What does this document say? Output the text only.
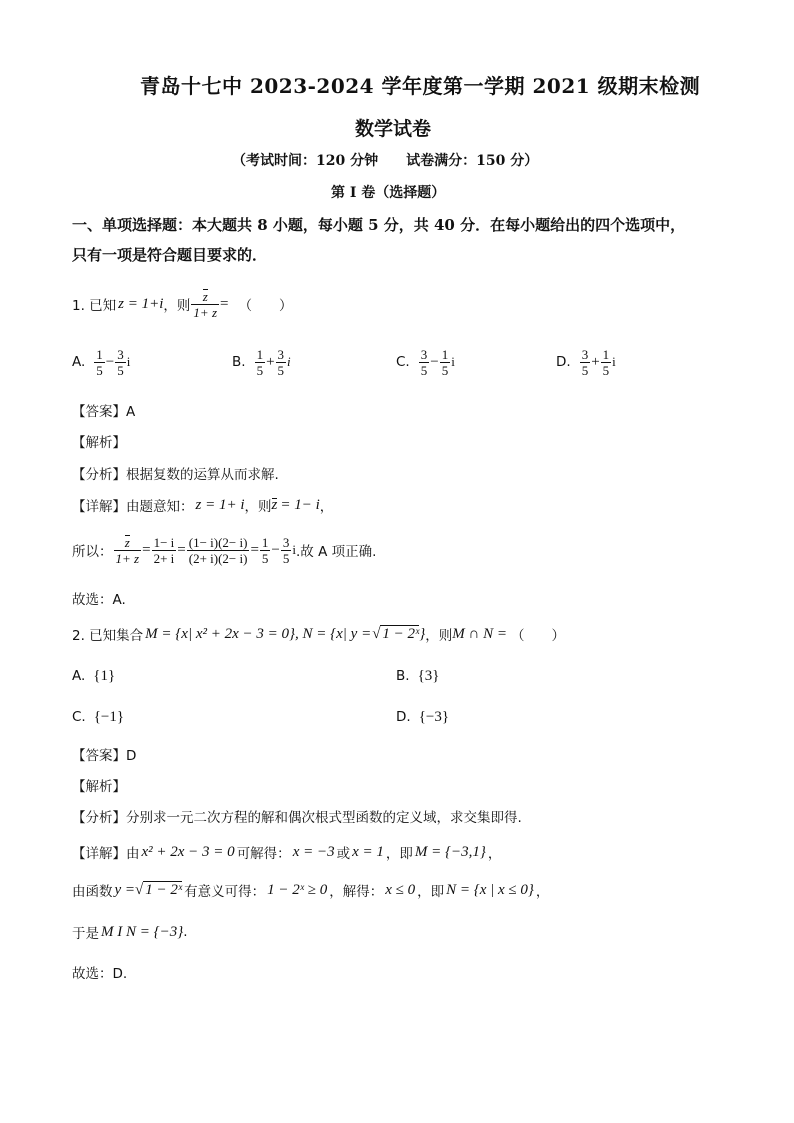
青岛十七中 2023-2024 学年度第一学期 2021 级期末检测
数学试卷
（考试时间：120 分钟　　试卷满分：150 分）
第 I 卷（选择题）
一、单项选择题：本大题共 8 小题，每小题 5 分，共 40 分．在每小题给出的四个选项中，
只有一项是符合题目要求的．
1. 已知 z = 1+i ，则 $\frac{z}{1+ z}$ = （　　）
A. $\frac{1}{5} - \frac{3}{5}$ i	B. $\frac{1}{5} + \frac{3}{5}$ i	C. $\frac{3}{5} - \frac{1}{5}$ i	D. $\frac{3}{5} + \frac{1}{5}$ i
【答案】A
【解析】
【分析】根据复数的运算从而求解.
【详解】 由题意知： z = 1+ i ，则 z = 1− i ，
所以： $\frac{z}{1+ z} = \frac{1- i}{2+ i} = \frac{(1- i)(2- i)}{(2+ i)(2- i)} = \frac{1}{5} - \frac{3}{5}$ i .故 A 项正确.
故选：A.
2. 已知集合 M = {x| x² + 2x − 3 = 0} , N = {x| y = √ 1 − 2ˣ } ，则 M ∩ N = （　　）
A. {1}	B. {3}
C. {−1}	D. {−3}
【答案】D
【解析】
【分析】分别求一元二次方程的解和偶次根式型函数的定义域，求交集即得.
【详解】 由 x² + 2x − 3 = 0 可解得： x = −3 或 x = 1 ，即 M = {−3,1} ，
由函数 y = √ 1 − 2ˣ 有意义可得： 1 − 2ˣ ≥ 0 ，解得： x ≤ 0 ，即 N = {x | x ≤ 0} ，
于是 M I N = {−3} .
故选：D.
